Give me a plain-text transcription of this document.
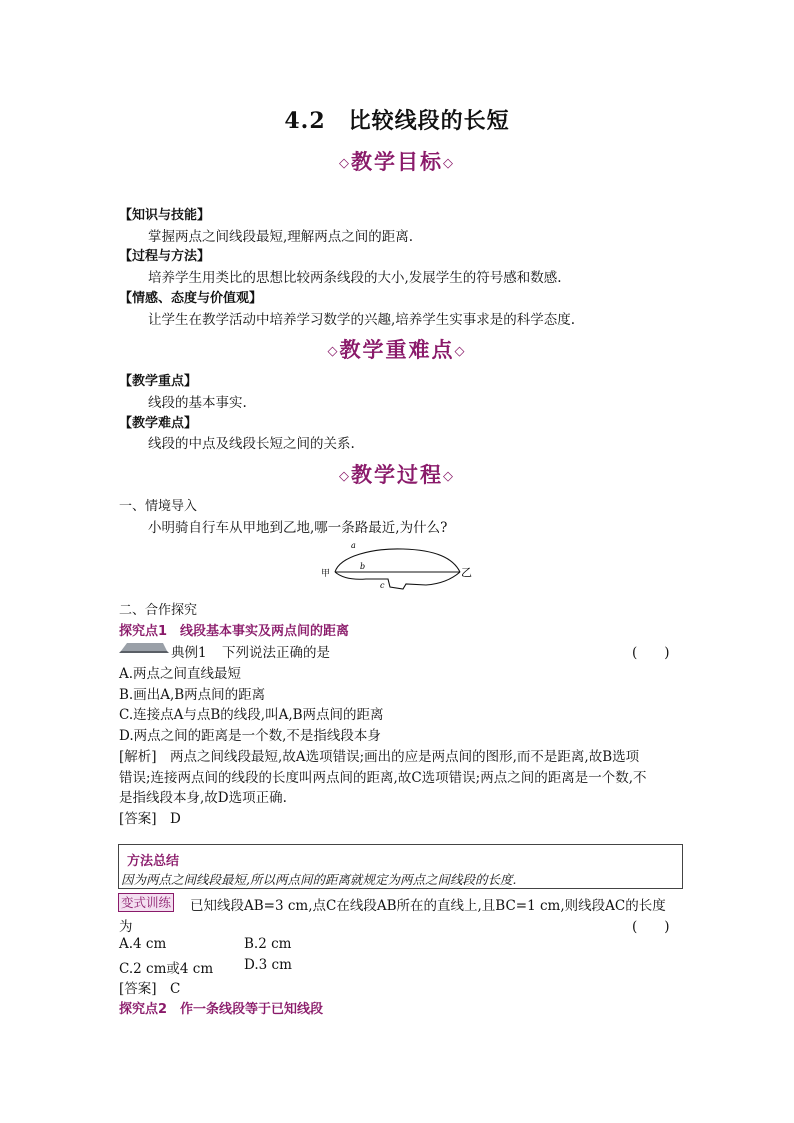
4.2　比较线段的长短
◇教学目标◇
【知识与技能】
掌握两点之间线段最短,理解两点之间的距离.
【过程与方法】
培养学生用类比的思想比较两条线段的大小,发展学生的符号感和数感.
【情感、态度与价值观】
让学生在教学活动中培养学习数学的兴趣,培养学生实事求是的科学态度.
◇教学重难点◇
【教学重点】
线段的基本事实.
【教学难点】
线段的中点及线段长短之间的关系.
◇教学过程◇
一、情境导入
小明骑自行车从甲地到乙地,哪一条路最近,为什么?
甲	乙
a
b
c
二、合作探究
探究点1　线段基本事实及两点间的距离
典例1 下列说法正确的是	(　　)
A.两点之间直线最短
B.画出A,B两点间的距离
C.连接点A与点B的线段,叫A,B两点间的距离
D.两点之间的距离是一个数,不是指线段本身
[解析]　两点之间线段最短,故A选项错误;画出的应是两点间的图形,而不是距离,故B选项
错误;连接两点间的线段的长度叫两点间的距离,故C选项错误;两点之间的距离是一个数,不
是指线段本身,故D选项正确.
[答案]　D
方法总结
因为两点之间线段最短,所以两点间的距离就规定为两点之间线段的长度.
变式训练 已知线段AB=3 cm,点C在线段AB所在的直线上,且BC=1 cm,则线段AC的长度
为	(　　)
A.4 cm	B.2 cm
C.2 cm或4 cm D.3 cm
[答案]　C
探究点2　作一条线段等于已知线段
